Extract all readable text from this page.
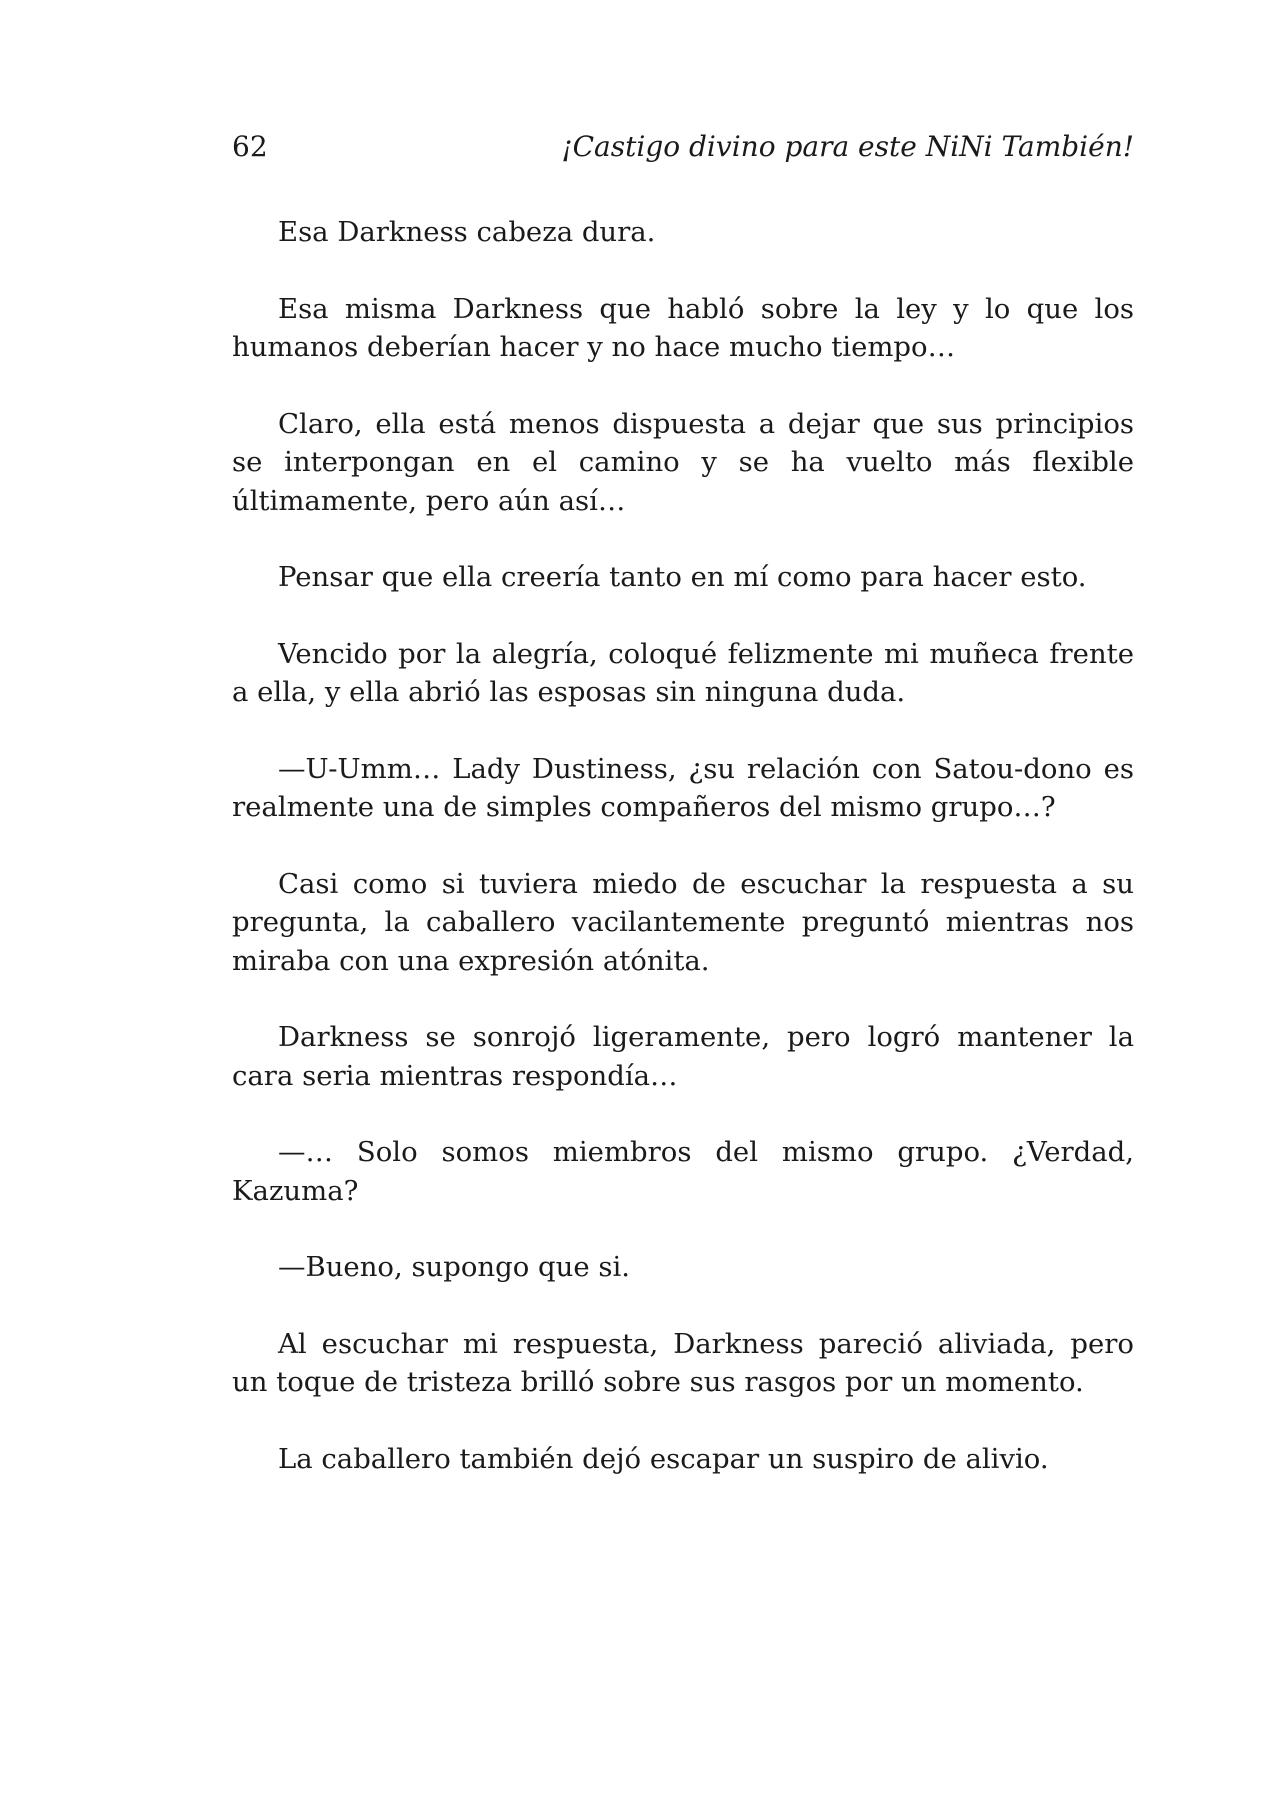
62	¡Castigo divino para este NiNi También!

Esa Darkness cabeza dura.

Esa misma Darkness que habló sobre la ley y lo que los humanos deberían hacer y no hace mucho tiempo…

Claro, ella está menos dispuesta a dejar que sus principios se interpongan en el camino y se ha vuelto más flexible últimamente, pero aún así…

Pensar que ella creería tanto en mí como para hacer esto.

Vencido por la alegría, coloqué felizmente mi muñeca frente a ella, y ella abrió las esposas sin ninguna duda.

—U-Umm… Lady Dustiness, ¿su relación con Satou-dono es realmente una de simples compañeros del mismo grupo…?

Casi como si tuviera miedo de escuchar la respuesta a su pregunta, la caballero vacilantemente preguntó mientras nos miraba con una expresión atónita.

Darkness se sonrojó ligeramente, pero logró mantener la cara seria mientras respondía…

—… Solo somos miembros del mismo grupo. ¿Verdad, Kazuma?

—Bueno, supongo que si.

Al escuchar mi respuesta, Darkness pareció aliviada, pero un toque de tristeza brilló sobre sus rasgos por un momento.

La caballero también dejó escapar un suspiro de alivio.
